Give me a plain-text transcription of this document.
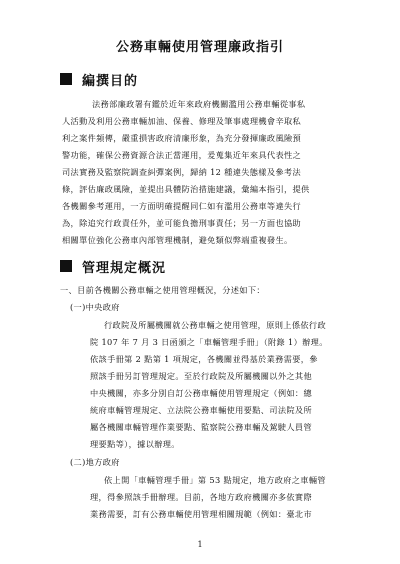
公務車輛使用管理廉政指引
編撰目的
法務部廉政署有鑑於近年來政府機關濫用公務車輛從事私
人活動及利用公務車輛加油、保養、修理及筆事處理機會辛取私
利之案件頻傳，嚴重損害政府清廉形象，為充分發揮廉政風險預
警功能，確保公務資源合法正當運用，爰蒐集近年來具代表性之
司法實務及監察院調查糾彈案例，歸納 12 種違失態樣及參考法
條，評估廉政風險，並提出具體防治措施建議，彙編本指引，提供
各機關參考運用，一方面明確提醒同仁如有濫用公務車等違失行
為，除追究行政責任外，並可能負擔刑事責任；另一方面也協助
相關單位強化公務車內部管理機制，避免類似弊端重複發生。
管理規定概況
一、目前各機關公務車輛之使用管理概況，分述如下：
(一)中央政府
行政院及所屬機關就公務車輛之使用管理，原則上係依行政
院 107 年 7 月 3 日函頒之「車輛管理手冊」（附錄 1）辦理。
依該手冊第 2 點第 1 項規定，各機關並得基於業務需要，參
照該手冊另訂管理規定。至於行政院及所屬機關以外之其他
中央機關，亦多分別自訂公務車輛使用管理規定（例如：總
統府車輛管理規定、立法院公務車輛使用要點、司法院及所
屬各機關車輛管理作業要點、監察院公務車輛及駕駛人員管
理要點等），據以辦理。
(二)地方政府
依上開「車輛管理手冊」第 53 點規定，地方政府之車輛管
理，得參照該手冊辦理。目前，各地方政府機關亦多依實際
業務需要，訂有公務車輛使用管理相關規範（例如：臺北市
1
